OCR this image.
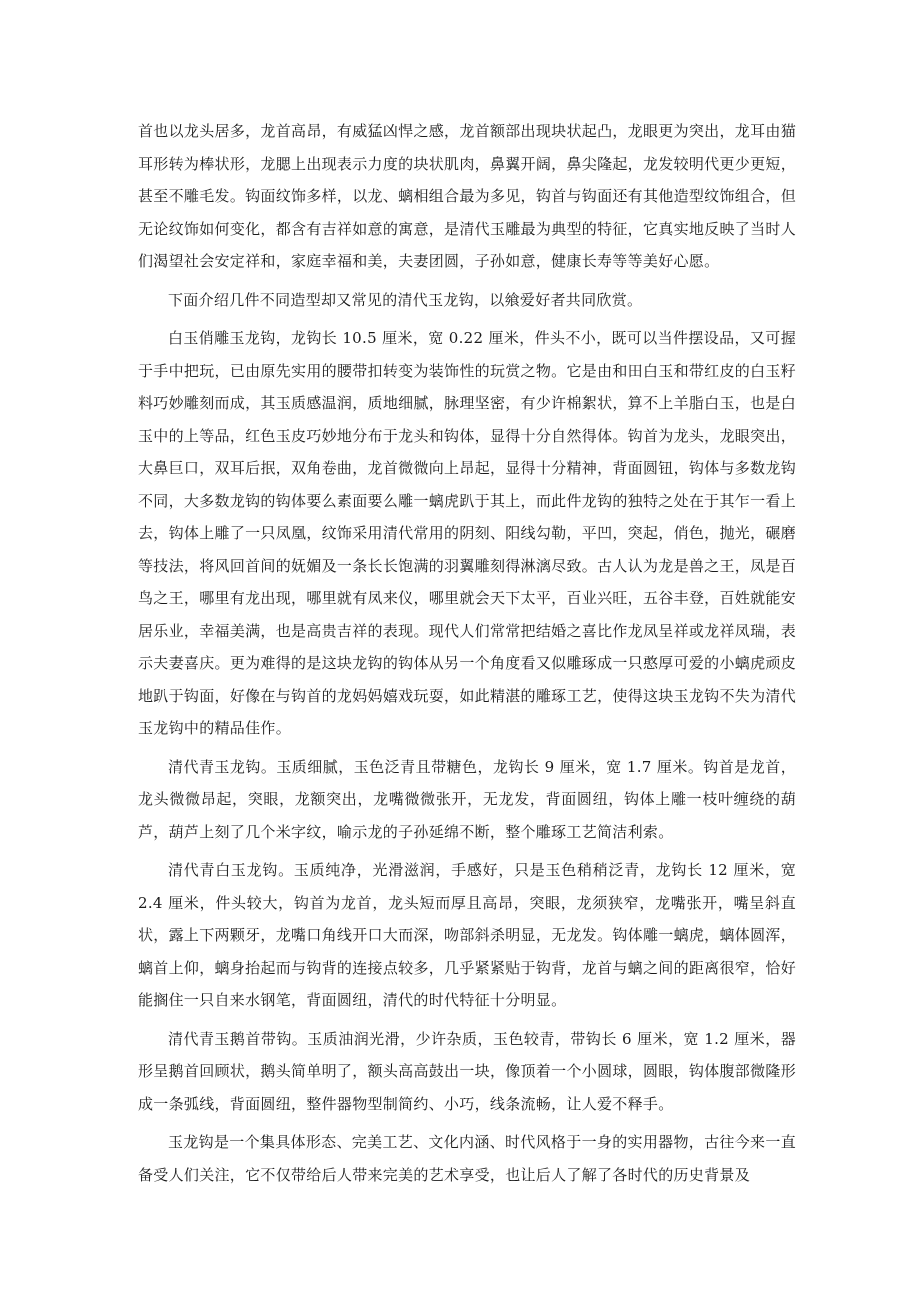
首也以龙头居多，龙首高昂，有威猛凶悍之感，龙首额部出现块状起凸，龙眼更为突出，龙耳由猫耳形转为棒状形，龙腮上出现表示力度的块状肌肉，鼻翼开阔，鼻尖隆起，龙发较明代更少更短，甚至不雕毛发。钩面纹饰多样，以龙、螭相组合最为多见，钩首与钩面还有其他造型纹饰组合，但无论纹饰如何变化，都含有吉祥如意的寓意，是清代玉雕最为典型的特征，它真实地反映了当时人们渴望社会安定祥和，家庭幸福和美，夫妻团圆，子孙如意，健康长寿等等美好心愿。

下面介绍几件不同造型却又常见的清代玉龙钩，以飨爱好者共同欣赏。

白玉俏雕玉龙钩，龙钩长 10.5 厘米，宽 0.22 厘米，件头不小，既可以当件摆设品，又可握于手中把玩，已由原先实用的腰带扣转变为装饰性的玩赏之物。它是由和田白玉和带红皮的白玉籽料巧妙雕刻而成，其玉质感温润，质地细腻，脉理坚密，有少许棉絮状，算不上羊脂白玉，也是白玉中的上等品，红色玉皮巧妙地分布于龙头和钩体，显得十分自然得体。钩首为龙头，龙眼突出，大鼻巨口，双耳后抿，双角卷曲，龙首微微向上昂起，显得十分精神，背面圆钮，钩体与多数龙钩不同，大多数龙钩的钩体要么素面要么雕一螭虎趴于其上，而此件龙钩的独特之处在于其乍一看上去，钩体上雕了一只凤凰，纹饰采用清代常用的阴刻、阳线勾勒，平凹，突起，俏色，抛光，碾磨等技法，将风回首间的妩媚及一条长长饱满的羽翼雕刻得淋漓尽致。古人认为龙是兽之王，凤是百鸟之王，哪里有龙出现，哪里就有凤来仪，哪里就会天下太平，百业兴旺，五谷丰登，百姓就能安居乐业，幸福美满，也是高贵吉祥的表现。现代人们常常把结婚之喜比作龙凤呈祥或龙祥凤瑞，表示夫妻喜庆。更为难得的是这块龙钩的钩体从另一个角度看又似雕琢成一只憨厚可爱的小螭虎顽皮地趴于钩面，好像在与钩首的龙妈妈嬉戏玩耍，如此精湛的雕琢工艺，使得这块玉龙钩不失为清代玉龙钩中的精品佳作。

清代青玉龙钩。玉质细腻，玉色泛青且带糖色，龙钩长 9 厘米，宽 1.7 厘米。钩首是龙首，龙头微微昂起，突眼，龙额突出，龙嘴微微张开，无龙发，背面圆纽，钩体上雕一枝叶缠绕的葫芦，葫芦上刻了几个米字纹，喻示龙的子孙延绵不断，整个雕琢工艺简洁利索。

清代青白玉龙钩。玉质纯净，光滑滋润，手感好，只是玉色稍稍泛青，龙钩长 12 厘米，宽 2.4 厘米，件头较大，钩首为龙首，龙头短而厚且高昂，突眼，龙须狭窄，龙嘴张开，嘴呈斜直状，露上下两颗牙，龙嘴口角线开口大而深，吻部斜杀明显，无龙发。钩体雕一螭虎，螭体圆浑，螭首上仰，螭身抬起而与钩背的连接点较多，几乎紧紧贴于钩背，龙首与螭之间的距离很窄，恰好能搁住一只自来水钢笔，背面圆纽，清代的时代特征十分明显。

清代青玉鹅首带钩。玉质油润光滑，少许杂质，玉色较青，带钩长 6 厘米，宽 1.2 厘米，器形呈鹅首回顾状，鹅头简单明了，额头高高鼓出一块，像顶着一个小圆球，圆眼，钩体腹部微隆形成一条弧线，背面圆纽，整件器物型制简约、小巧，线条流畅，让人爱不释手。

玉龙钩是一个集具体形态、完美工艺、文化内涵、时代风格于一身的实用器物，古往今来一直备受人们关注，它不仅带给后人带来完美的艺术享受，也让后人了解了各时代的历史背景及
